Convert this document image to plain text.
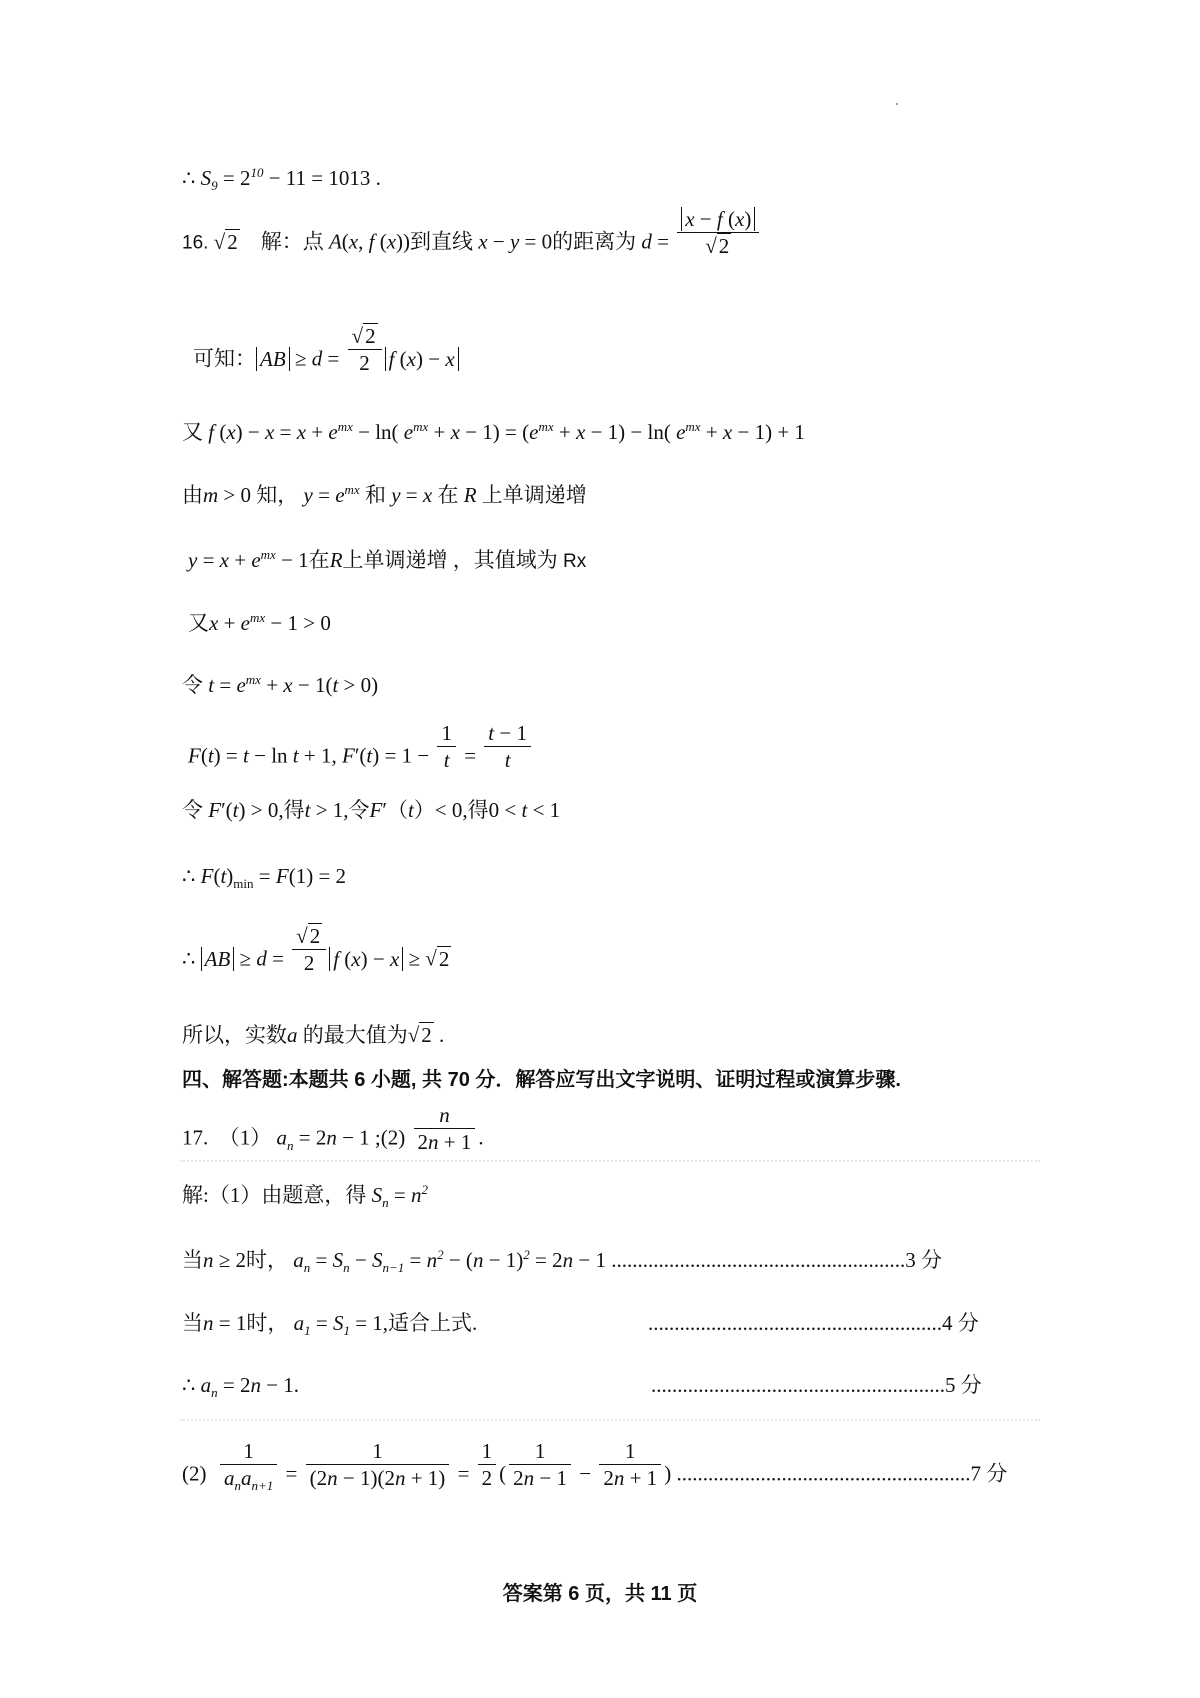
∴ $S_9 = 2^{10} - 11 = 1013$ .
16. √2    解：点 A(x, f (x))到直线 x − y = 0的距离为 $d = \frac{x - f (x)}{√2}$
可知： AB ≥ $d = \frac{√2}{2}$ f (x) − x
又 f $(x) - x = x + e^{mx} - \ln$( $e^{mx} + x - 1) = (e^{mx} + x - 1) - \ln$( $e^{mx} + x - 1) + 1$
由m > 0 知， $y = e^{mx}$ 和 y = x 在 R 上单调递增
$y = x + e^{mx} - 1$在R上单调递增 ，其值域为 Rx
又$x + e^{mx} - 1 > 0$
令 $t = e^{mx} + x - 1(t > 0)$
F(t) = t − ln t + 1, $F'(t) = 1 - \frac{1}{t} = \frac{t - 1}{t}$
令 F′(t) > 0,得t > 1,令F′（t）< 0,得0 < t < 1
∴ $F(t)_{min} = F(1) = 2$
∴ AB ≥ $d = \frac{√2}{2}$ f (x) − x ≥ √2
所以，实数a 的最大值为√2 .
四、解答题:本题共 6 小题, 共 70 分．解答应写出文字说明、证明过程或演算步骤.
17.  （1） $a_n = 2n - 1$ ;(2) $\frac{n}{2n + 1}$ .
解:（1）由题意，得 $S_n = n^2$
当n ≥ 2时， $a_n = S_n - S_{n-1} = n^2 - (n - 1)^2 = 2n - 1$ ........................................................3 分
当n = 1时， $a_1 = S_1 = 1$,适合上式.	........................................................4 分
∴ $a_n = 2n - 1$.	........................................................5 分
$(2) \frac{1}{a_na_{n+1}} = \frac{1}{(2n - 1)(2n + 1)} = \frac{1}{2}$ ( $\frac{1}{2n - 1} - \frac{1}{2n + 1}$ ) ........................................................7 分
答案第 6 页，共 11 页
